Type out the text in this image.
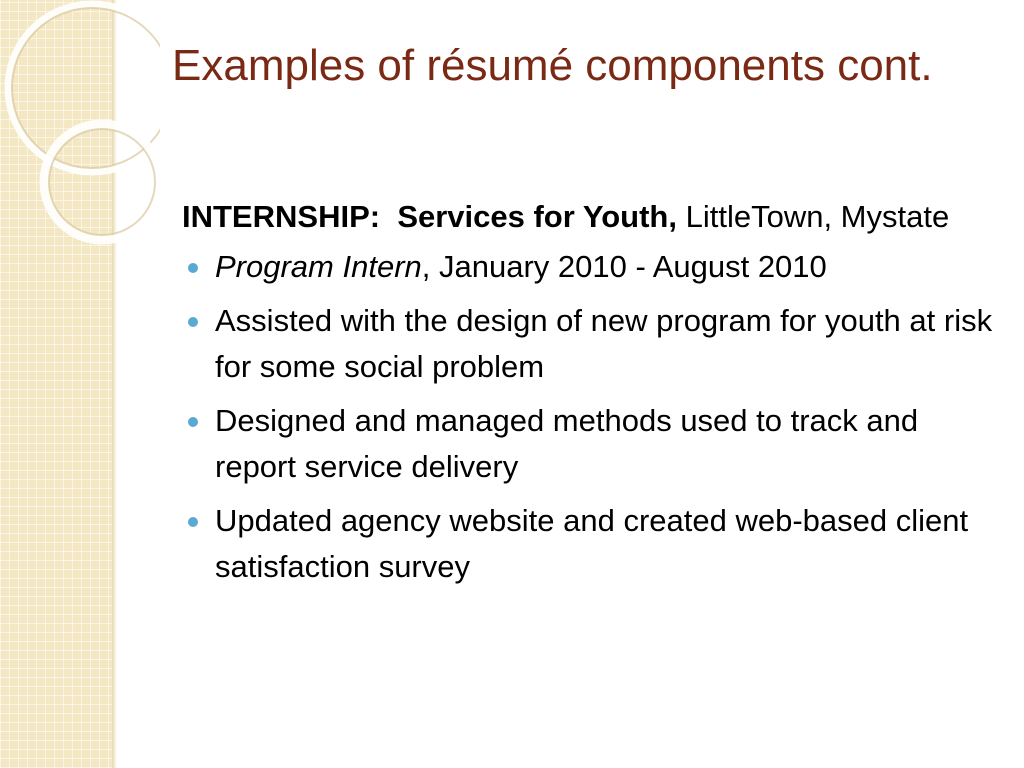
Examples of résumé components cont.

INTERNSHIP: Services for Youth, LittleTown, Mystate

Program Intern, January 2010 - August 2010
Assisted with the design of new program for youth at risk for some social problem
Designed and managed methods used to track and report service delivery
Updated agency website and created web-based client satisfaction survey
